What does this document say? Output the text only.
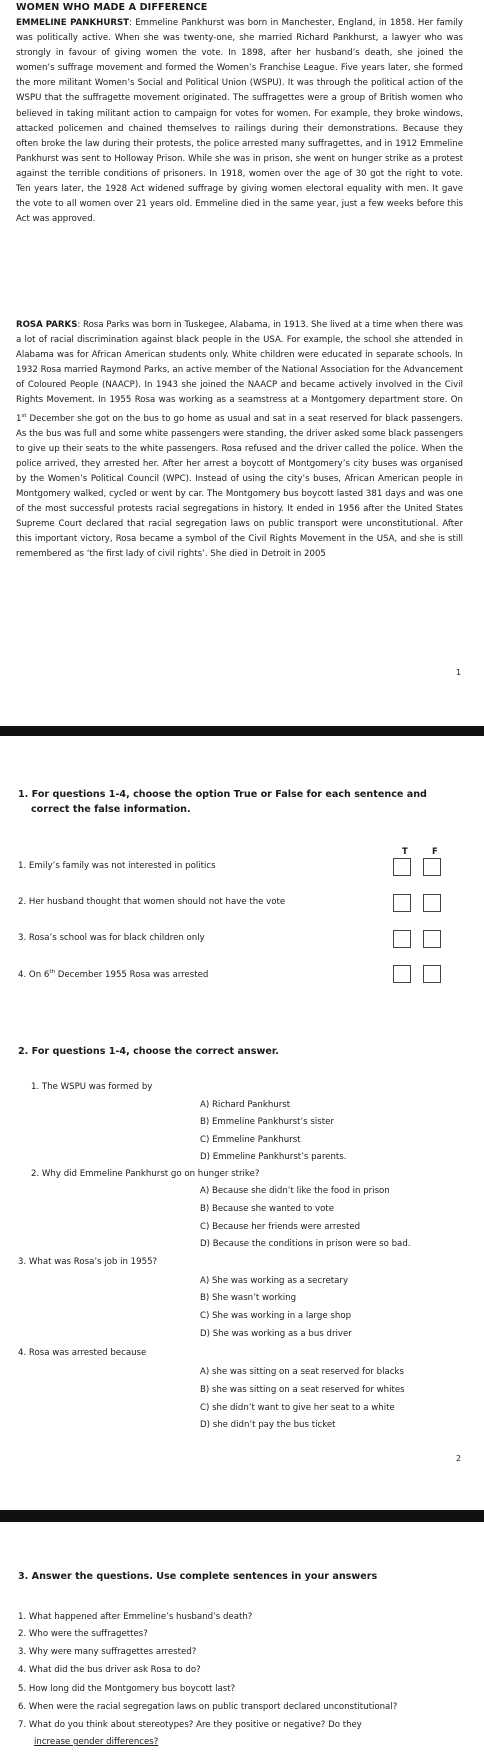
WOMEN WHO MADE A DIFFERENCE

EMMELINE PANKHURST: Emmeline Pankhurst was born in Manchester, England, in 1858. Her family was politically active. When she was twenty-one, she married Richard Pankhurst, a lawyer who was strongly in favour of giving women the vote. In 1898, after her husband’s death, she joined the women’s suffrage movement and formed the Women’s Franchise League. Five years later, she formed the more militant Women’s Social and Political Union (WSPU). It was through the political action of the WSPU that the suffragette movement originated. The suffragettes were a group of British women who believed in taking militant action to campaign for votes for women. For example, they broke windows, attacked policemen and chained themselves to railings during their demonstrations. Because they often broke the law during their protests, the police arrested many suffragettes, and in 1912 Emmeline Pankhurst was sent to Holloway Prison. While she was in prison, she went on hunger strike as a protest against the terrible conditions of prisoners. In 1918, women over the age of 30 got the right to vote. Ten years later, the 1928 Act widened suffrage by giving women electoral equality with men. It gave the vote to all women over 21 years old. Emmeline died in the same year, just a few weeks before this Act was approved.

ROSA PARKS: Rosa Parks was born in Tuskegee, Alabama, in 1913. She lived at a time when there was a lot of racial discrimination against black people in the USA. For example, the school she attended in Alabama was for African American students only. White children were educated in separate schools. In 1932 Rosa married Raymond Parks, an active member of the National Association for the Advancement of Coloured People (NAACP). In 1943 she joined the NAACP and became actively involved in the Civil Rights Movement. In 1955 Rosa was working as a seamstress at a Montgomery department store. On 1st December she got on the bus to go home as usual and sat in a seat reserved for black passengers. As the bus was full and some white passengers were standing, the driver asked some black passengers to give up their seats to the white passengers. Rosa refused and the driver called the police. When the police arrived, they arrested her. After her arrest a boycott of Montgomery’s city buses was organised by the Women’s Political Council (WPC). Instead of using the city’s buses, African American people in Montgomery walked, cycled or went by car. The Montgomery bus boycott lasted 381 days and was one of the most successful protests racial segregations in history. It ended in 1956 after the United States Supreme Court declared that racial segregation laws on public transport were unconstitutional. After this important victory, Rosa became a symbol of the Civil Rights Movement in the USA, and she is still remembered as ‘the first lady of civil rights’. She died in Detroit in 2005

1
1. For questions 1-4, choose the option True or False for each sentence and
correct the false information.
T	F
1. Emily’s family was not interested in politics
2. Her husband thought that women should not have the vote
3. Rosa’s school was for black children only
4. On 6th December 1955 Rosa was arrested
2. For questions 1-4, choose the correct answer.
1. The WSPU was formed by
A) Richard Pankhurst
B) Emmeline Pankhurst’s sister
C) Emmeline Pankhurst
D) Emmeline Pankhurst’s parents.
2. Why did Emmeline Pankhurst go on hunger strike?
A) Because she didn’t like the food in prison
B) Because she wanted to vote
C) Because her friends were arrested
D) Because the conditions in prison were so bad.
3. What was Rosa’s job in 1955?
A) She was working as a secretary
B) She wasn’t working
C) She was working in a large shop
D) She was working as a bus driver
4. Rosa was arrested because
A) she was sitting on a seat reserved for blacks
B) she was sitting on a seat reserved for whites
C) she didn’t want to give her seat to a white
D) she didn’t pay the bus ticket
2
3. Answer the questions. Use complete sentences in your answers
1. What happened after Emmeline’s husband’s death?
2. Who were the suffragettes?
3. Why were many suffragettes arrested?
4. What did the bus driver ask Rosa to do?
5. How long did the Montgomery bus boycott last?
6. When were the racial segregation laws on public transport declared unconstitutional?
7. What do you think about stereotypes? Are they positive or negative? Do they
increase gender differences?
